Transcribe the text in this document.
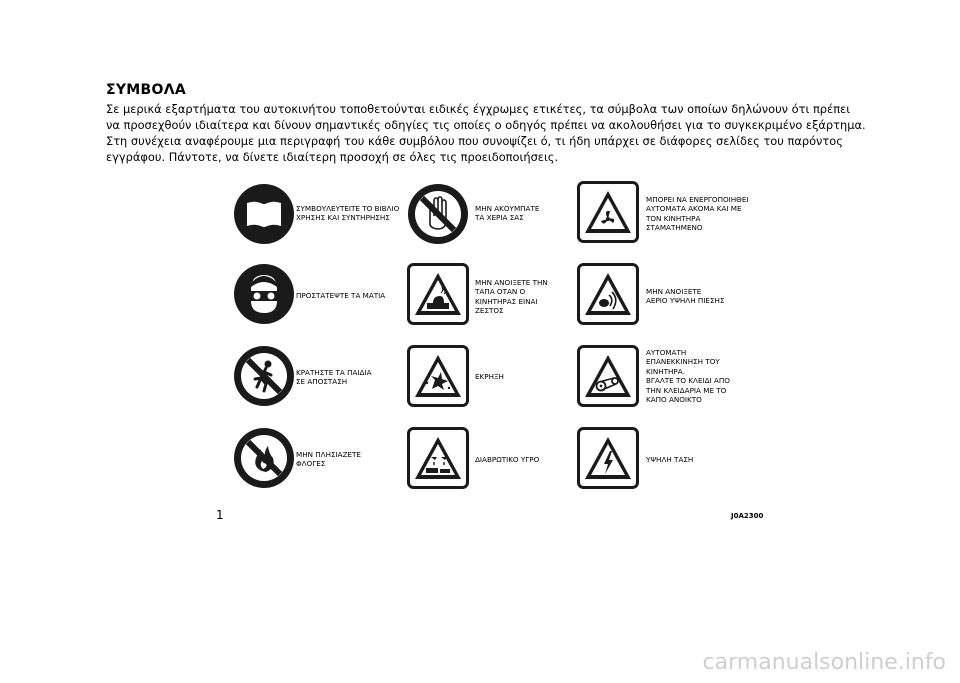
ΣΥΜΒΟΛΑ
Σε μερικά εξαρτήματα του αυτοκινήτου τοποθετούνται ειδικές έγχρωμες ετικέτες, τα σύμβολα των οποίων δηλώνουν ότι πρέπει να προσεχθούν ιδιαίτερα και δίνουν σημαντικές οδηγίες τις οποίες ο οδηγός πρέπει να ακολουθήσει για το συγκεκριμένο εξάρτημα. Στη συνέχεια αναφέρουμε μια περιγραφή του κάθε συμβόλου που συνοψίζει ό, τι ήδη υπάρχει σε διάφορες σελίδες του παρόντος εγγράφου. Πάντοτε, να δίνετε ιδιαίτερη προσοχή σε όλες τις προειδοποιήσεις.
ΣΥΜΒΟΥΛΕΥΤΕΙΤΕ ΤΟ ΒΙΒΛΙΟ
ΧΡΗΣΗΣ ΚΑΙ ΣΥΝΤΗΡΗΣΗΣ
ΜΗΝ ΑΚΟΥΜΠΑΤΕ
ΤΑ ΧΕΡΙΑ ΣΑΣ
ΜΠΟΡΕΙ ΝΑ ΕΝΕΡΓΟΠΟΙΗΘΕΙ
ΑΥΤΟΜΑΤΑ ΑΚΟΜΑ ΚΑΙ ΜΕ
ΤΟΝ ΚΙΝΗΤΗΡΑ
ΣΤΑΜΑΤΗΜΕΝΟ
ΠΡΟΣΤΑΤΕΨΤΕ ΤΑ ΜΑΤΙΑ
ΜΗΝ ΑΝΟΙΞΕΤΕ ΤΗΝ
ΤΑΠΑ ΟΤΑΝ Ο
ΚΙΝΗΤΗΡΑΣ ΕΙΝΑΙ
ΖΕΣΤΟΣ
ΜΗΝ ΑΝΟΙΞΕΤΕ
ΑΕΡΙΟ ΥΨΗΛΗ ΠΙΕΣΗΣ
ΚΡΑΤΗΣΤΕ ΤΑ ΠΑΙΔΙΑ
ΣΕ ΑΠΟΣΤΑΣΗ
ΕΚΡΗΞΗ
ΑΥΤΟΜΑΤΗ
ΕΠΑΝΕΚΚΙΝΗΣΗ ΤΟΥ
ΚΙΝΗΤΗΡΑ.
ΒΓΑΛΤΕ ΤΟ ΚΛΕΙΔΙ ΑΠΟ
ΤΗΝ ΚΛΕΙΔΑΡΙΑ ΜΕ ΤΟ
ΚΑΠΟ ΑΝΟΙΚΤΟ
ΜΗΝ ΠΛΗΣΙΑΖΕΤΕ
ΦΛΟΓΕΣ	ΔΙΑΒΡΩΤΙΚΟ ΥΓΡΟ	ΥΨΗΛΗ ΤΑΣΗ
1	J0A2300
carmanualsonline.info
